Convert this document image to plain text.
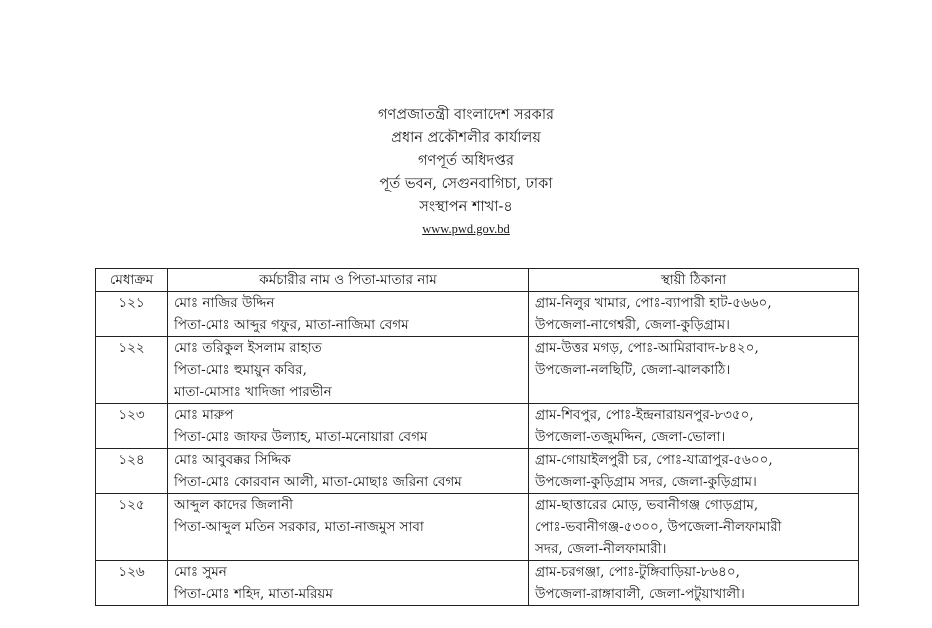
গণপ্রজাতন্ত্রী বাংলাদেশ সরকার
প্রধান প্রকৌশলীর কার্যালয়
গণপূর্ত অধিদপ্তর
পূর্ত ভবন, সেগুনবাগিচা, ঢাকা
সংস্থাপন শাখা-৪
www.pwd.gov.bd
মেধাক্রম	কর্মচারীর নাম ও পিতা-মাতার নাম	স্থায়ী ঠিকানা
১২১	মোঃ নাজির উদ্দিন
পিতা-মোঃ আব্দুর গফুর, মাতা-নাজিমা বেগম	গ্রাম-নিলুর খামার, পোঃ-ব্যাপারী হাট-৫৬৬০,
উপজেলা-নাগেশ্বরী, জেলা-কুড়িগ্রাম।

১২২	মোঃ তরিকুল ইসলাম রাহাত
পিতা-মোঃ হুমায়ুন কবির,
মাতা-মোসাঃ খাদিজা পারভীন	গ্রাম-উত্তর মগড়, পোঃ-আমিরাবাদ-৮৪২০,
উপজেলা-নলছিটি, জেলা-ঝালকাঠি।

১২৩	মোঃ মারুপ
পিতা-মোঃ জাফর উল্যাহ, মাতা-মনোয়ারা বেগম	গ্রাম-শিবপুর, পোঃ-ইন্দ্রনারায়নপুর-৮৩৫০,
উপজেলা-তজুমদ্দিন, জেলা-ভোলা।

১২৪	মোঃ আবুবক্কর সিদ্দিক
পিতা-মোঃ কোরবান আলী, মাতা-মোছাঃ জরিনা বেগম	গ্রাম-গোয়াইলপুরী চর, পোঃ-যাত্রাপুর-৫৬০০,
উপজেলা-কুড়িগ্রাম সদর, জেলা-কুড়িগ্রাম।

১২৫	আব্দুল কাদের জিলানী
পিতা-আব্দুল মতিন সরকার, মাতা-নাজমুস সাবা	গ্রাম-ছাত্তারের মোড়, ভবানীগঞ্জ গোড়গ্রাম,
পোঃ-ভবানীগঞ্জ-৫৩০০, উপজেলা-নীলফামারী
সদর, জেলা-নীলফামারী।

১২৬	মোঃ সুমন
পিতা-মোঃ শহিদ, মাতা-মরিয়ম	গ্রাম-চরগঞ্জা, পোঃ-টুঙ্গিবাড়িয়া-৮৬৪০,
উপজেলা-রাঙ্গাবালী, জেলা-পটুয়াখালী।
